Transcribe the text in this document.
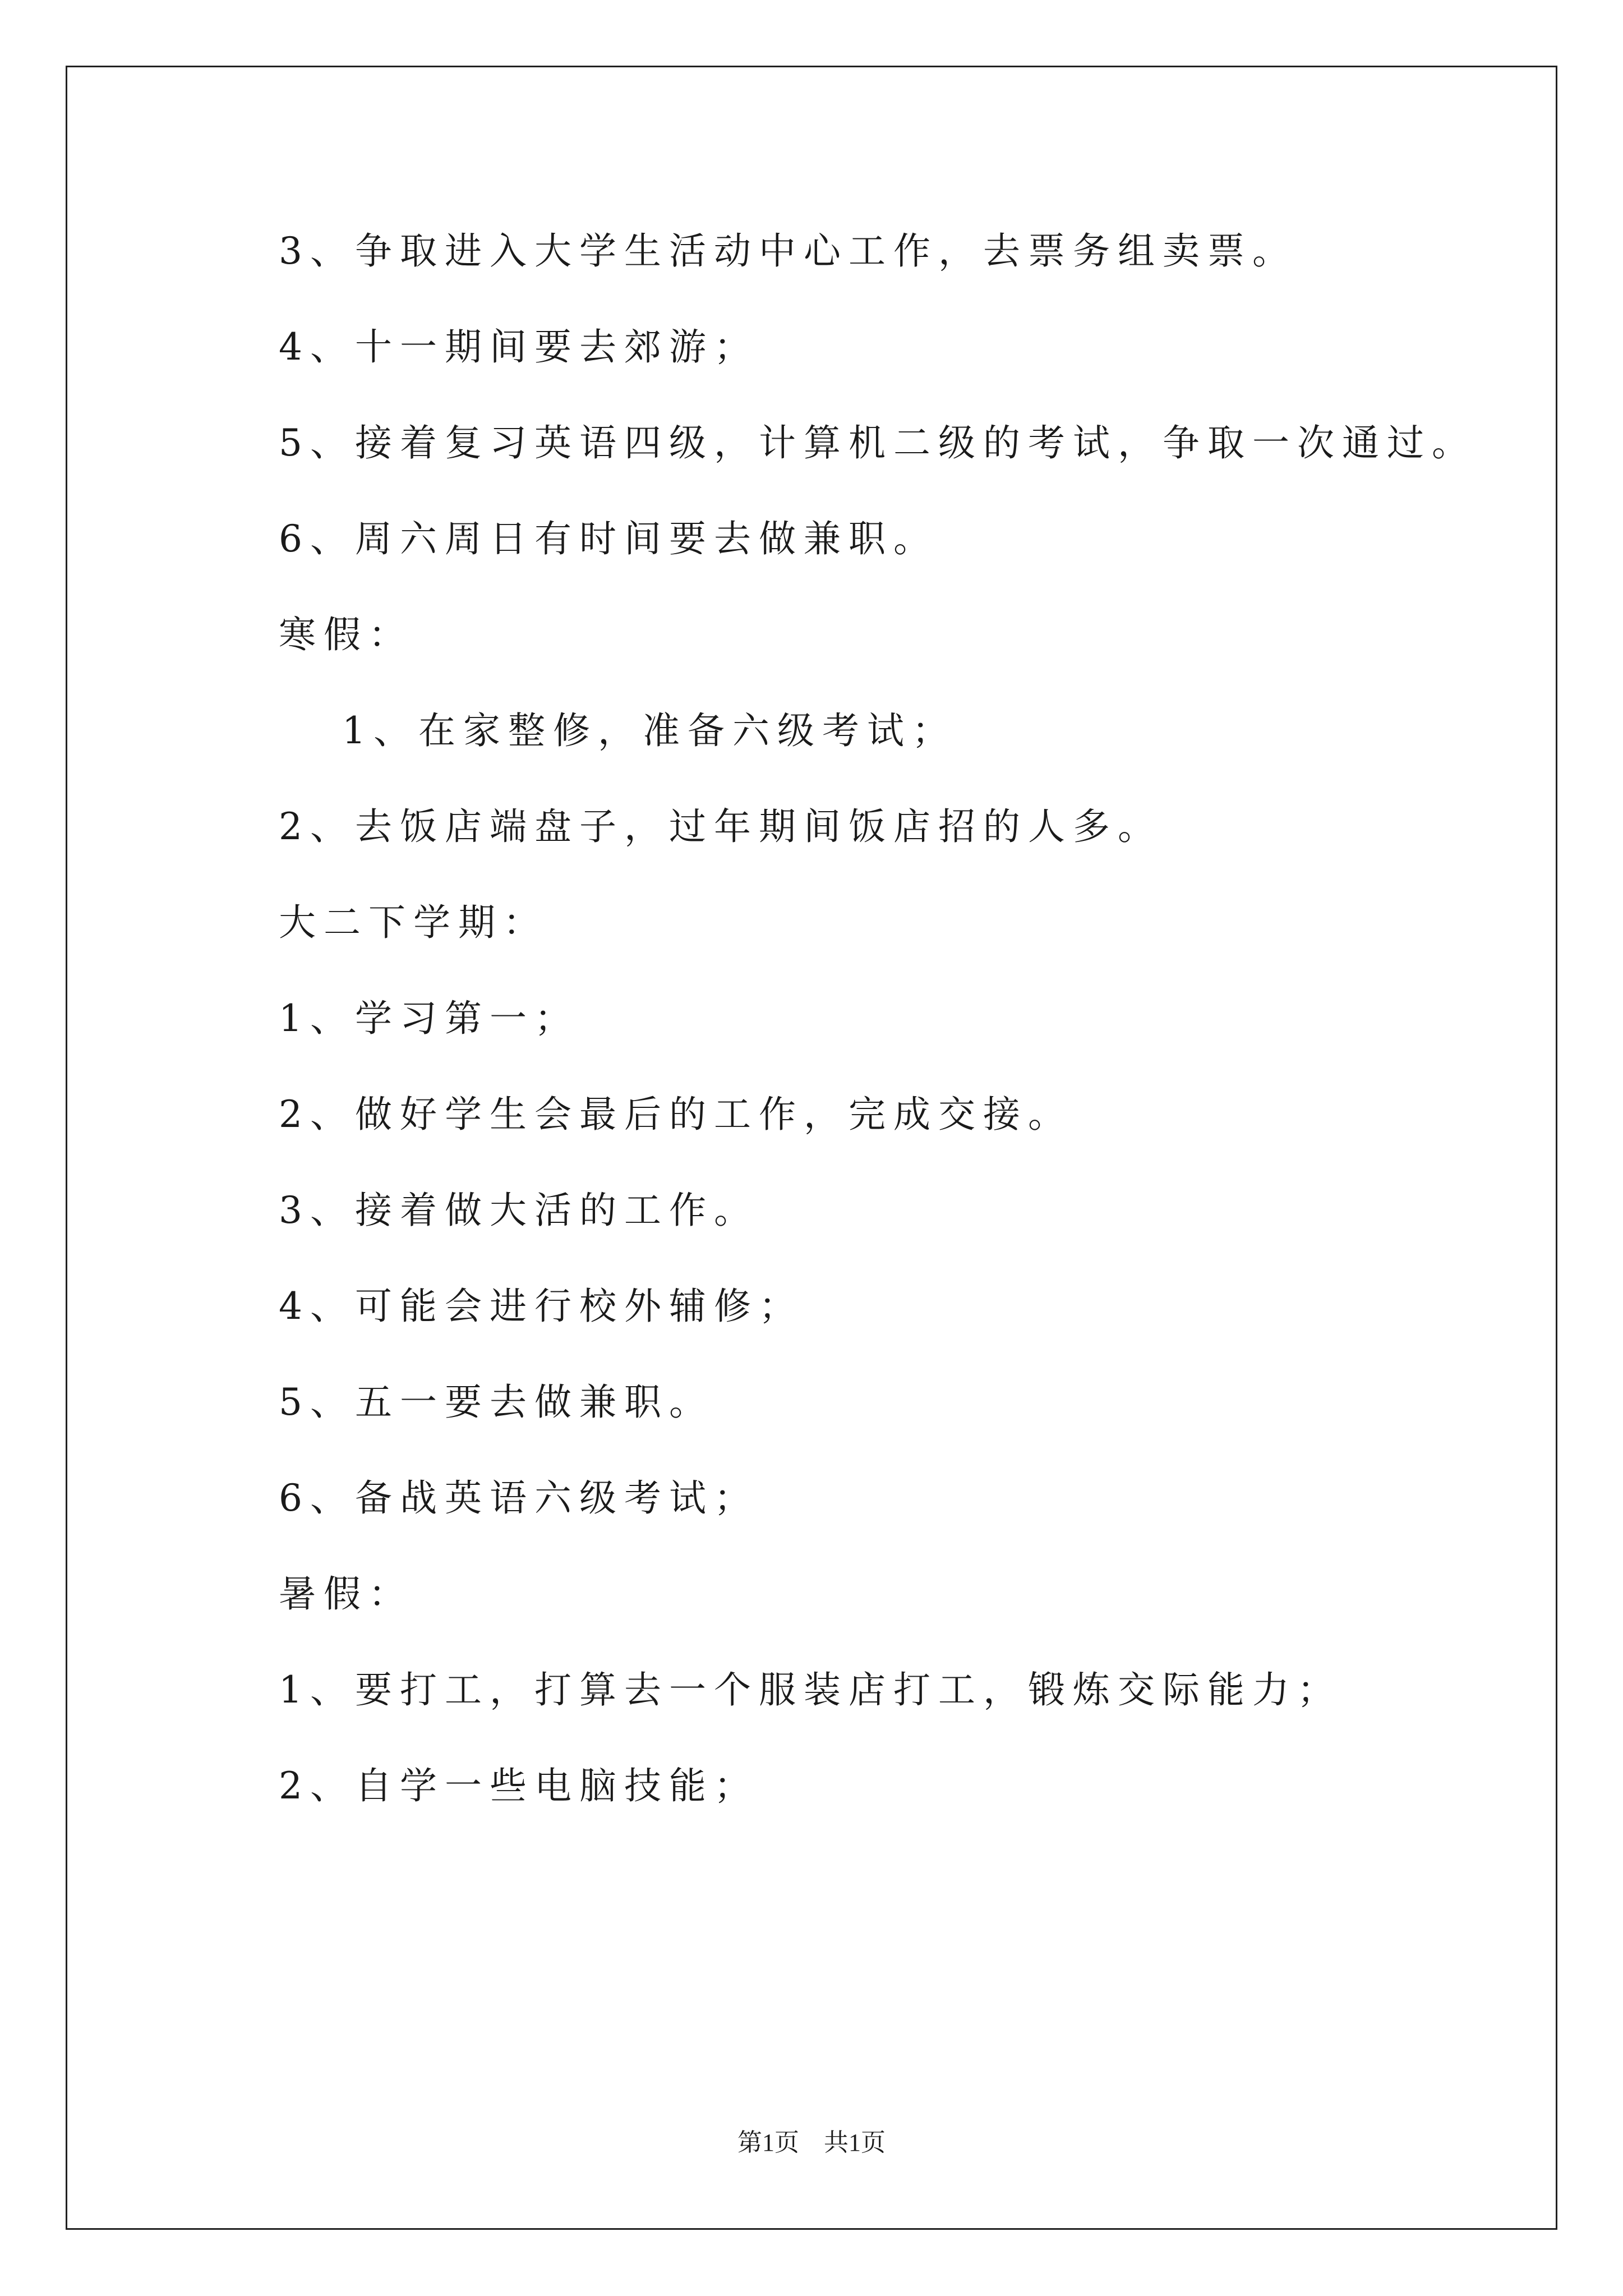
3、争取进入大学生活动中心工作，去票务组卖票。
4、十一期间要去郊游；
5、接着复习英语四级，计算机二级的考试，争取一次通过。
6、周六周日有时间要去做兼职。
寒假：
1、在家整修，准备六级考试；
2、去饭店端盘子，过年期间饭店招的人多。
大二下学期：
1、学习第一；
2、做好学生会最后的工作，完成交接。
3、接着做大活的工作。
4、可能会进行校外辅修；
5、五一要去做兼职。
6、备战英语六级考试；
暑假：
1、要打工，打算去一个服装店打工，锻炼交际能力；
2、自学一些电脑技能；
第1页　共1页
